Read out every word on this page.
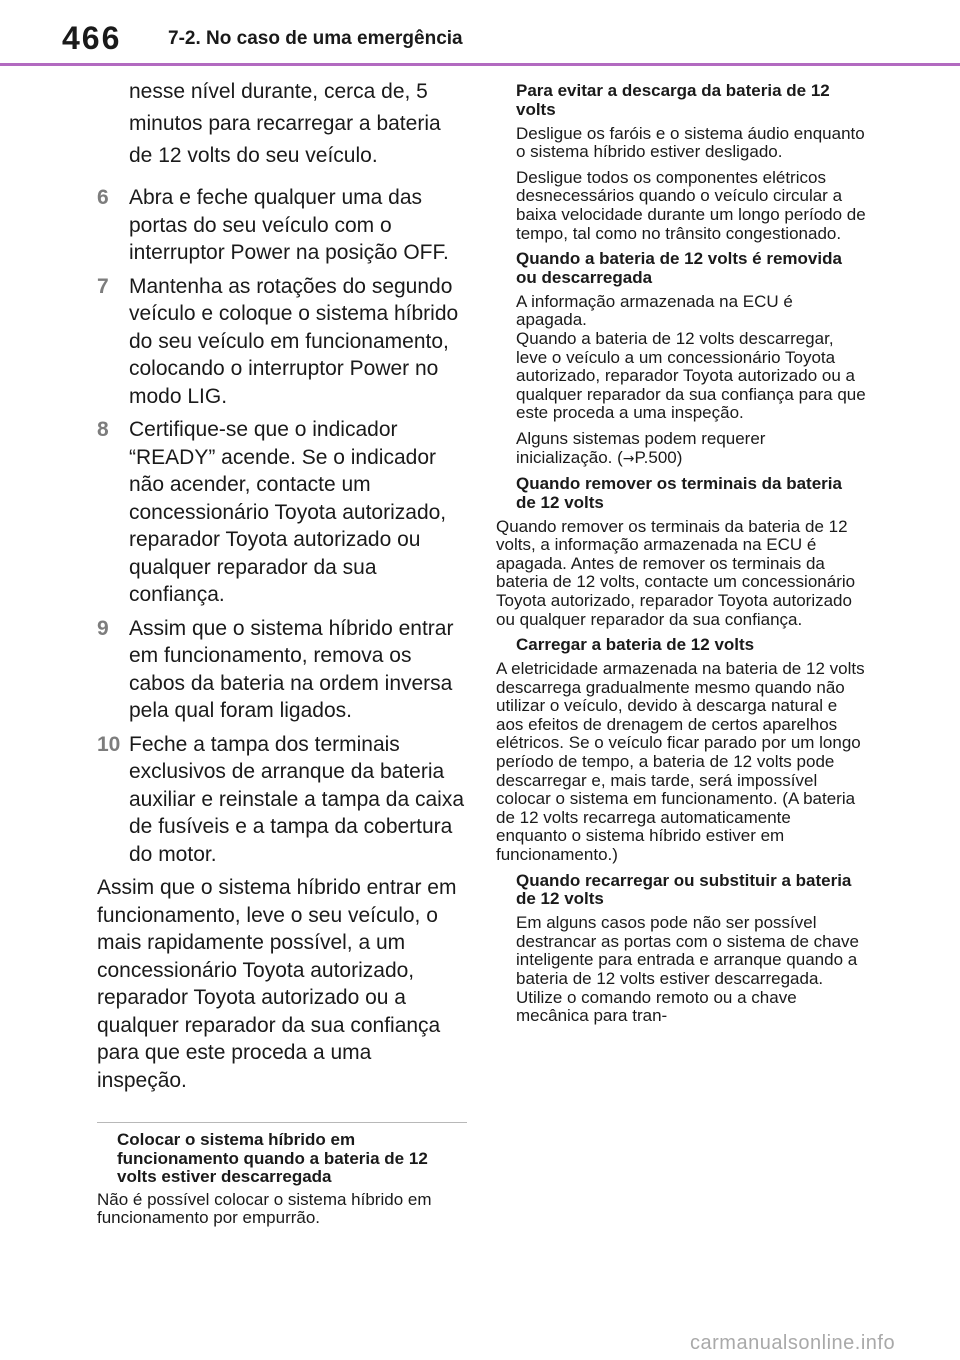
466 7-2. No caso de uma emergência

nesse nível durante, cerca de, 5 minutos para recarregar a bateria de 12 volts do seu veículo.

6 Abra e feche qualquer uma das portas do seu veículo com o interruptor Power na posição OFF.
7 Mantenha as rotações do segundo veículo e coloque o sistema híbrido do seu veículo em funcionamento, colocando o interruptor Power no modo LIG.
8 Certifique-se que o indicador “READY” acende. Se o indicador não acender, contacte um concessionário Toyota autorizado, reparador Toyota autorizado ou qualquer reparador da sua confiança.
9 Assim que o sistema híbrido entrar em funcionamento, remova os cabos da bateria na ordem inversa pela qual foram ligados.
10 Feche a tampa dos terminais exclusivos de arranque da bateria auxiliar e reinstale a tampa da caixa de fusíveis e a tampa da cobertura do motor.

Assim que o sistema híbrido entrar em funcionamento, leve o seu veículo, o mais rapidamente possível, a um concessionário Toyota autorizado, reparador Toyota autorizado ou a qualquer reparador da sua confiança para que este proceda a uma inspeção.

Colocar o sistema híbrido em funcionamento quando a bateria de 12 volts estiver descarregada

Não é possível colocar o sistema híbrido em funcionamento por empurrão.

Para evitar a descarga da bateria de 12 volts

Desligue os faróis e o sistema áudio enquanto o sistema híbrido estiver desligado.

Desligue todos os componentes elétricos desnecessários quando o veículo circular a baixa velocidade durante um longo período de tempo, tal como no trânsito congestionado.

Quando a bateria de 12 volts é removida ou descarregada

A informação armazenada na ECU é apagada.
Quando a bateria de 12 volts descarregar, leve o veículo a um concessionário Toyota autorizado, reparador Toyota autorizado ou a qualquer reparador da sua confiança para que este proceda a uma inspeção.

Alguns sistemas podem requerer inicialização. (→P.500)

Quando remover os terminais da bateria de 12 volts

Quando remover os terminais da bateria de 12 volts, a informação armazenada na ECU é apagada. Antes de remover os terminais da bateria de 12 volts, contacte um concessionário Toyota autorizado, reparador Toyota autorizado ou qualquer reparador da sua confiança.

Carregar a bateria de 12 volts

A eletricidade armazenada na bateria de 12 volts descarrega gradualmente mesmo quando não utilizar o veículo, devido à descarga natural e aos efeitos de drenagem de certos aparelhos elétricos. Se o veículo ficar parado por um longo período de tempo, a bateria de 12 volts pode descarregar e, mais tarde, será impossível colocar o sistema em funcionamento. (A bateria de 12 volts recarrega automaticamente enquanto o sistema híbrido estiver em funcionamento.)

Quando recarregar ou substituir a bateria de 12 volts

Em alguns casos pode não ser possível destrancar as portas com o sistema de chave inteligente para entrada e arranque quando a bateria de 12 volts estiver descarregada. Utilize o comando remoto ou a chave mecânica para tran-

carmanualsonline.info
